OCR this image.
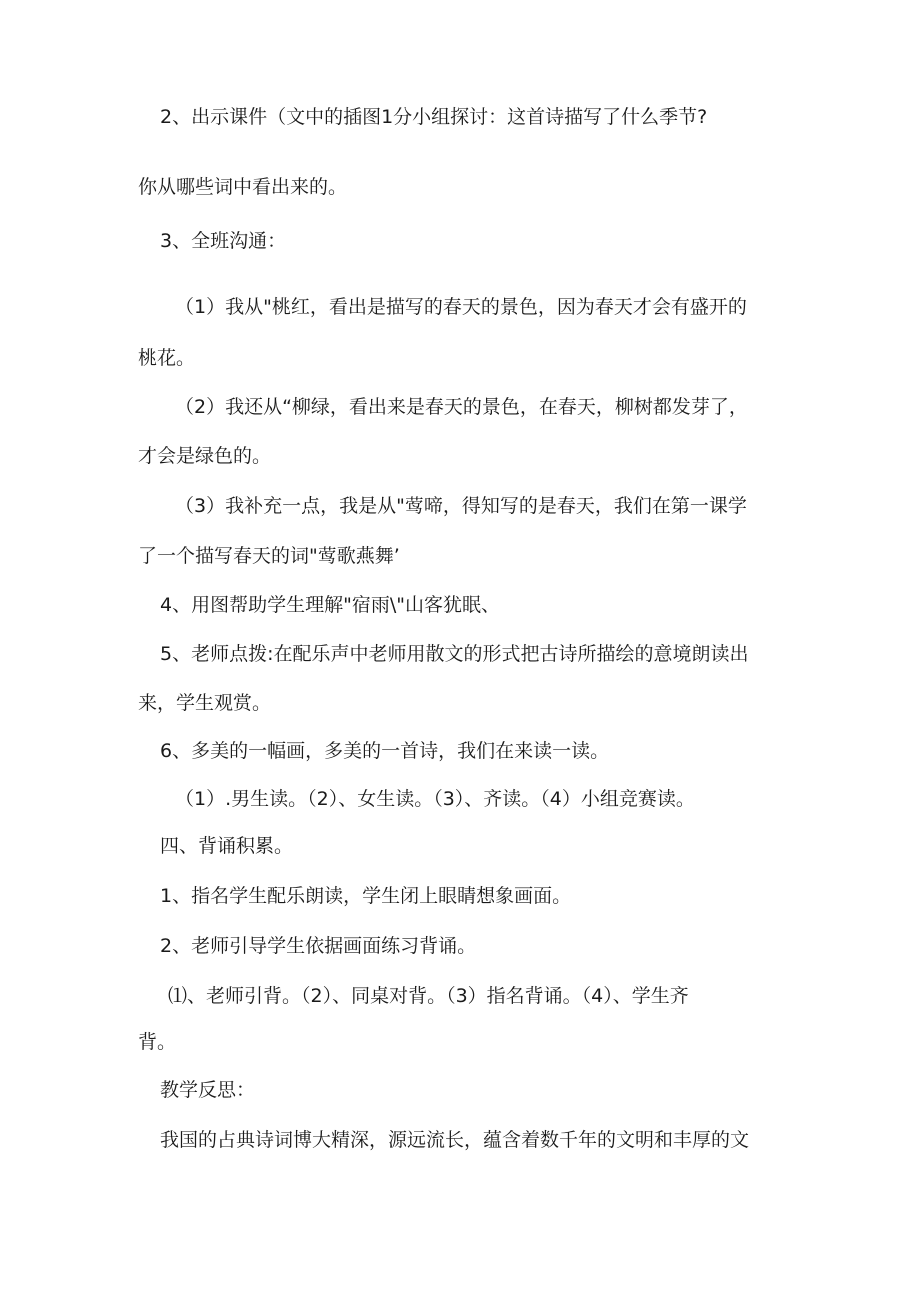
2、出示课件（文中的插图1分小组探讨：这首诗描写了什么季节?
你从哪些词中看出来的。
3、全班沟通：
（1）我从"桃红，看出是描写的春天的景色，因为春天才会有盛开的
桃花。
（2）我还从“柳绿，看出来是春天的景色，在春天，柳树都发芽了，
才会是绿色的。
（3）我补充一点，我是从"莺啼，得知写的是春天，我们在第一课学
了一个描写春天的词"莺歌燕舞’
4、用图帮助学生理解"宿雨\"山客犹眠、
5、老师点拨:在配乐声中老师用散文的形式把古诗所描绘的意境朗读出
来，学生观赏。
6、多美的一幅画，多美的一首诗，我们在来读一读。
（1）.男生读。（2）、女生读。（3）、齐读。（4）小组竞赛读。
四、背诵积累。
1、指名学生配乐朗读，学生闭上眼睛想象画面。
2、老师引导学生依据画面练习背诵。
⑴、老师引背。（2）、同桌对背。（3）指名背诵。（4）、学生齐
背。
教学反思：
我国的占典诗词博大精深，源远流长，蕴含着数千年的文明和丰厚的文
